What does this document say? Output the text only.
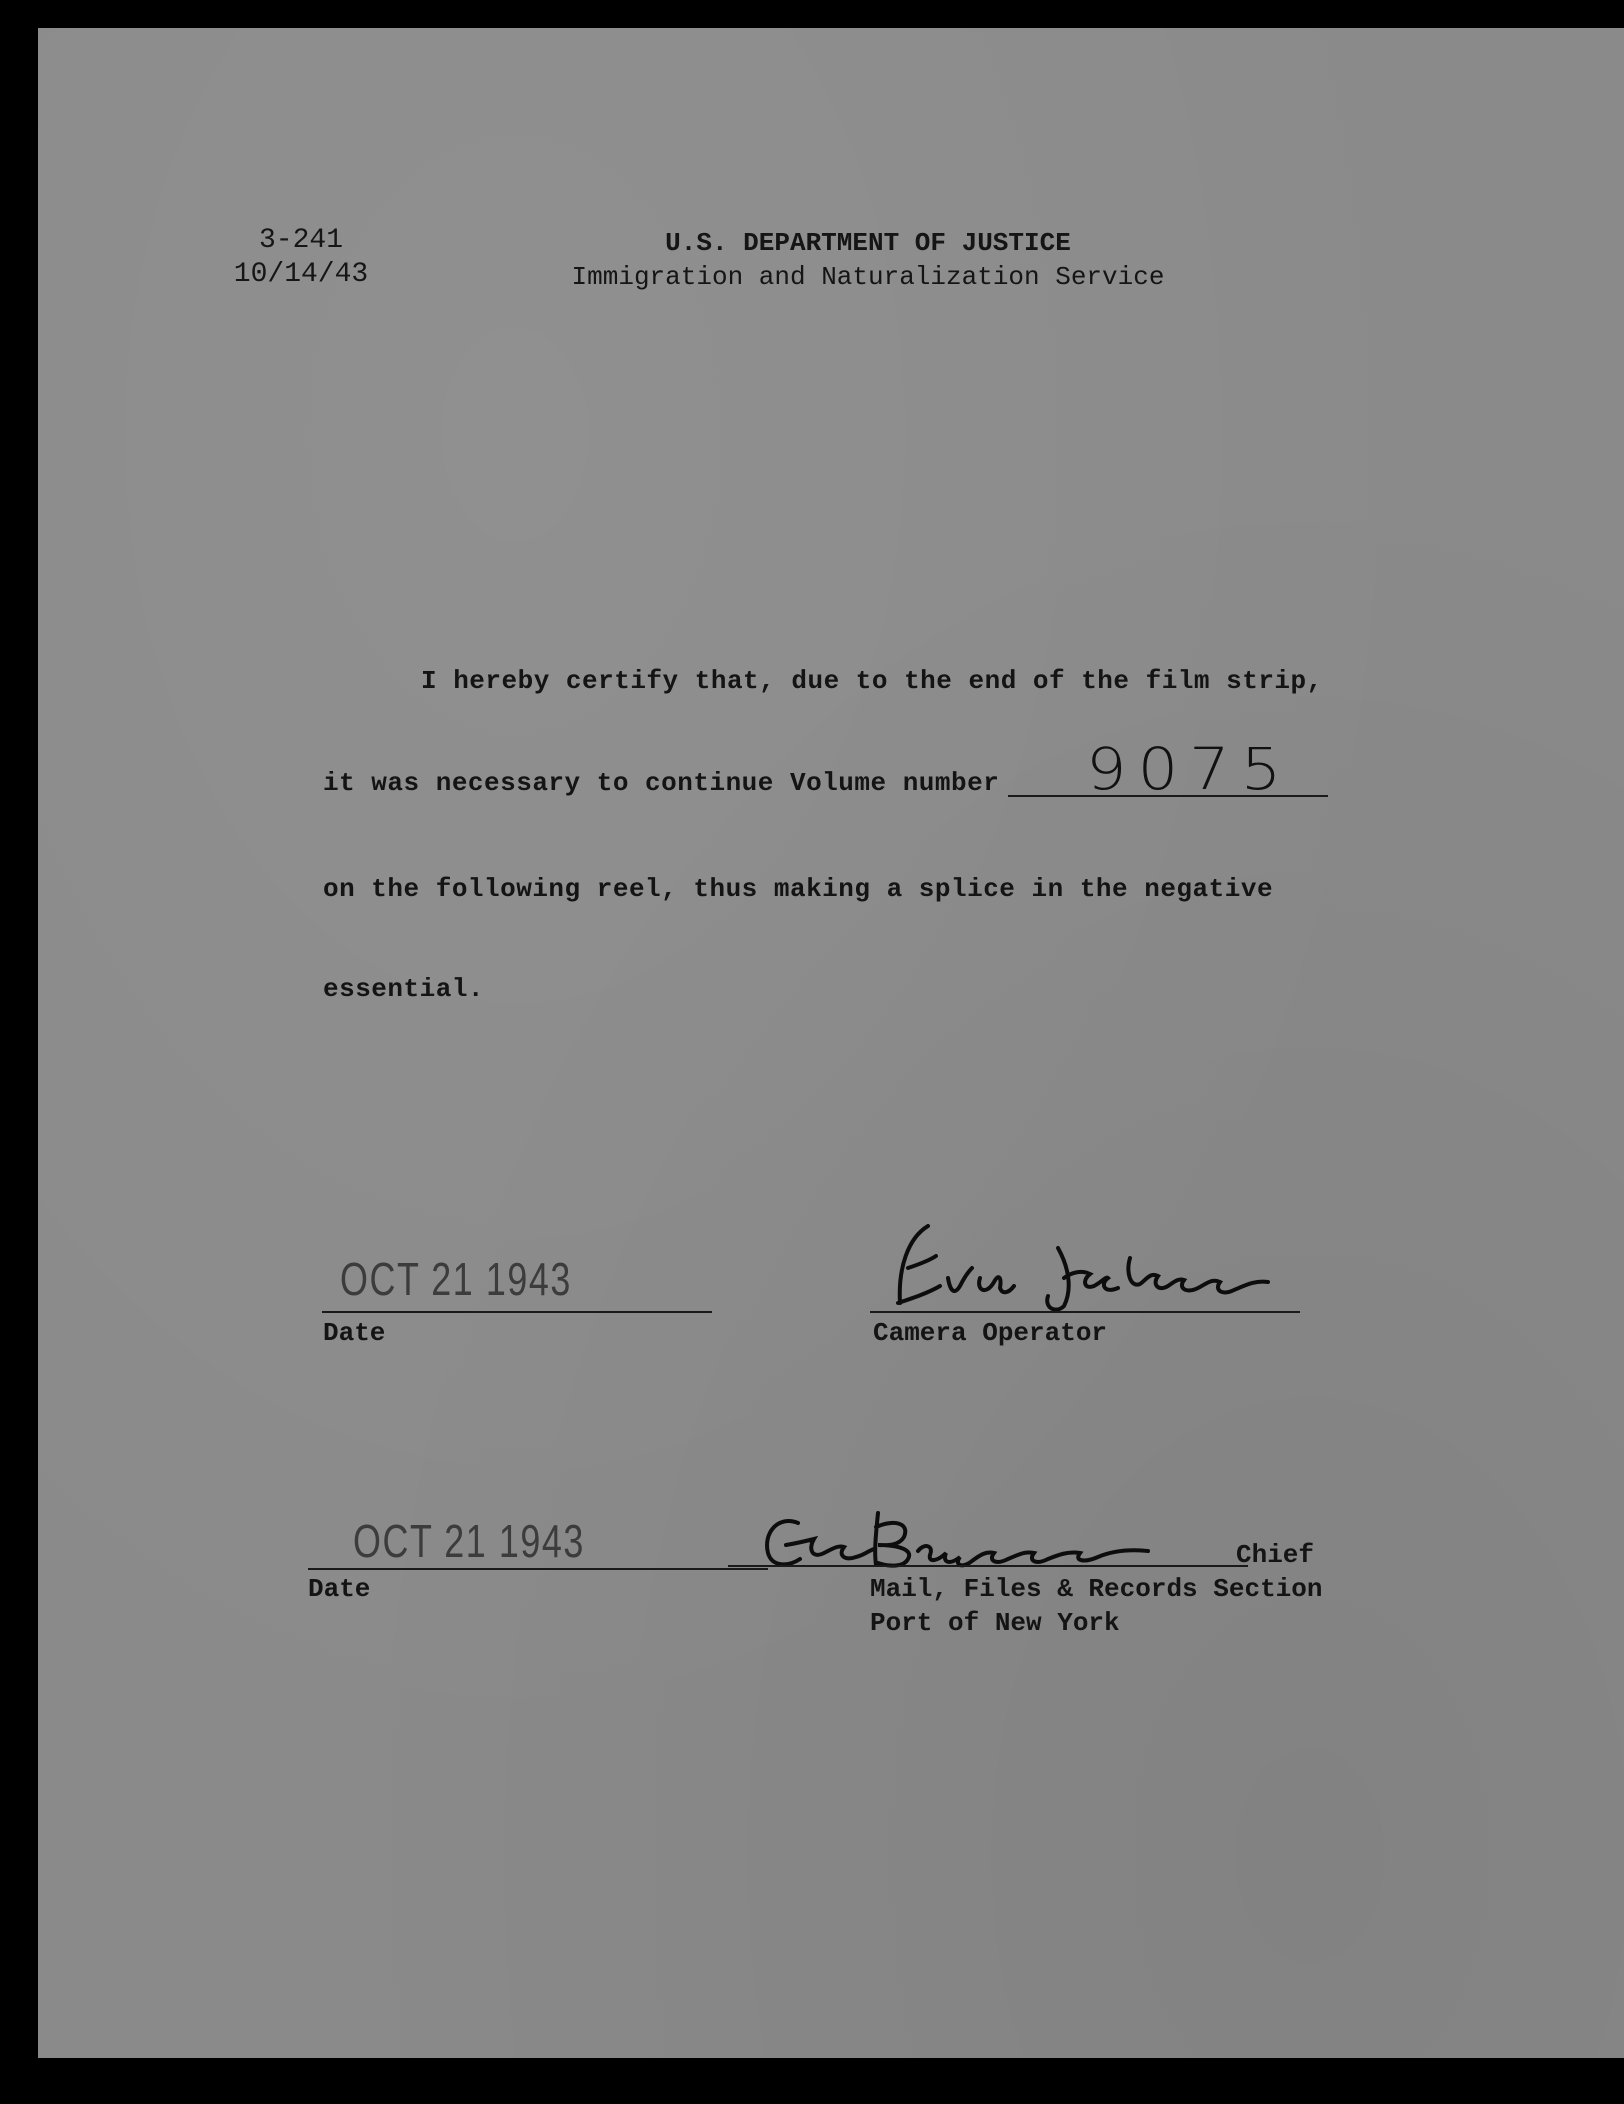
3-241
10/14/43
U.S. DEPARTMENT OF JUSTICE
Immigration and Naturalization Service
I hereby certify that, due to the end of the film strip,
it was necessary to continue Volume number 9075
on the following reel, thus making a splice in the negative
essential.
OCT 21 1943
Date	Camera Operator
OCT 21 1943
Date
Chief
Mail, Files & Records Section
Port of New York
